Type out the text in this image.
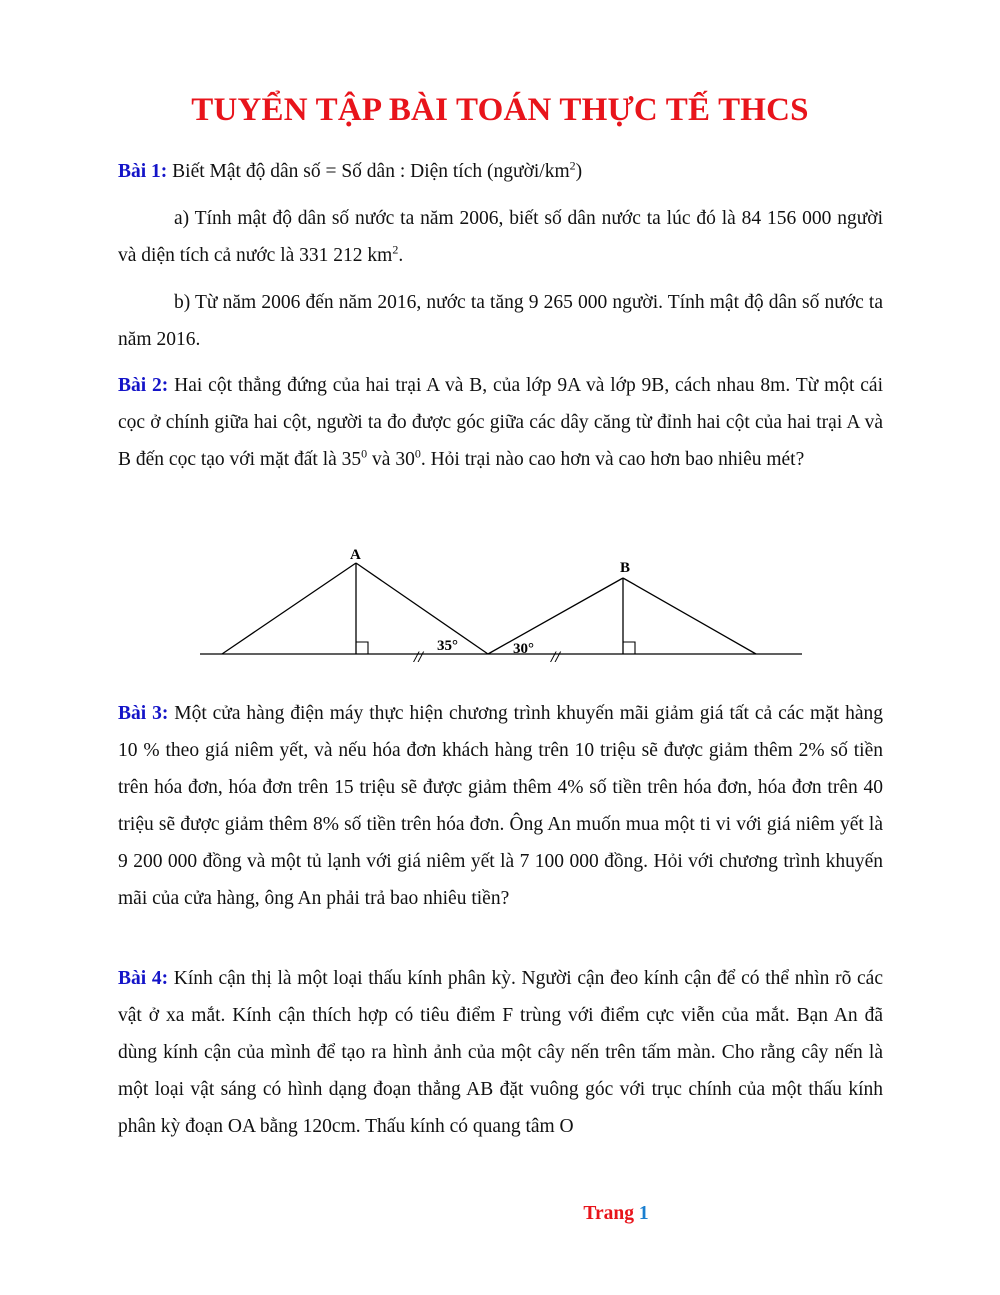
TUYỂN TẬP BÀI TOÁN THỰC TẾ THCS
Bài 1: Biết Mật độ dân số = Số dân : Diện tích $(người/km^2)$
a) Tính mật độ dân số nước ta năm 2006, biết số dân nước ta lúc đó là 84 156 000 người và diện tích cả nước là 331 212 $km^2$.
b) Từ năm 2006 đến năm 2016, nước ta tăng 9 265 000 người. Tính mật độ dân số nước ta năm 2016.
Bài 2: Hai cột thẳng đứng của hai trại A và B, của lớp 9A và lớp 9B, cách nhau 8m. Từ một cái cọc ở chính giữa hai cột, người ta đo được góc giữa các dây căng từ đỉnh hai cột của hai trại A và B đến cọc tạo với mặt đất là $35^0$ và $30^0$. Hỏi trại nào cao hơn và cao hơn bao nhiêu mét?
A
B
35°	30°
//	//
Bài 3: Một cửa hàng điện máy thực hiện chương trình khuyến mãi giảm giá tất cả các mặt hàng 10 % theo giá niêm yết, và nếu hóa đơn khách hàng trên 10 triệu sẽ được giảm thêm 2% số tiền trên hóa đơn, hóa đơn trên 15 triệu sẽ được giảm thêm 4% số tiền trên hóa đơn, hóa đơn trên 40 triệu sẽ được giảm thêm 8% số tiền trên hóa đơn. Ông An muốn mua một ti vi với giá niêm yết là 9 200 000 đồng và một tủ lạnh với giá niêm yết là 7 100 000 đồng. Hỏi với chương trình khuyến mãi của cửa hàng, ông An phải trả bao nhiêu tiền?
Bài 4: Kính cận thị là một loại thấu kính phân kỳ. Người cận đeo kính cận để có thể nhìn rõ các vật ở xa mắt. Kính cận thích hợp có tiêu điểm F trùng với điểm cực viễn của mắt. Bạn An đã dùng kính cận của mình để tạo ra hình ảnh của một cây nến trên tấm màn. Cho rằng cây nến là một loại vật sáng có hình dạng đoạn thẳng AB đặt vuông góc với trục chính của một thấu kính phân kỳ đoạn OA bằng 120cm. Thấu kính có quang tâm O
Trang 1
